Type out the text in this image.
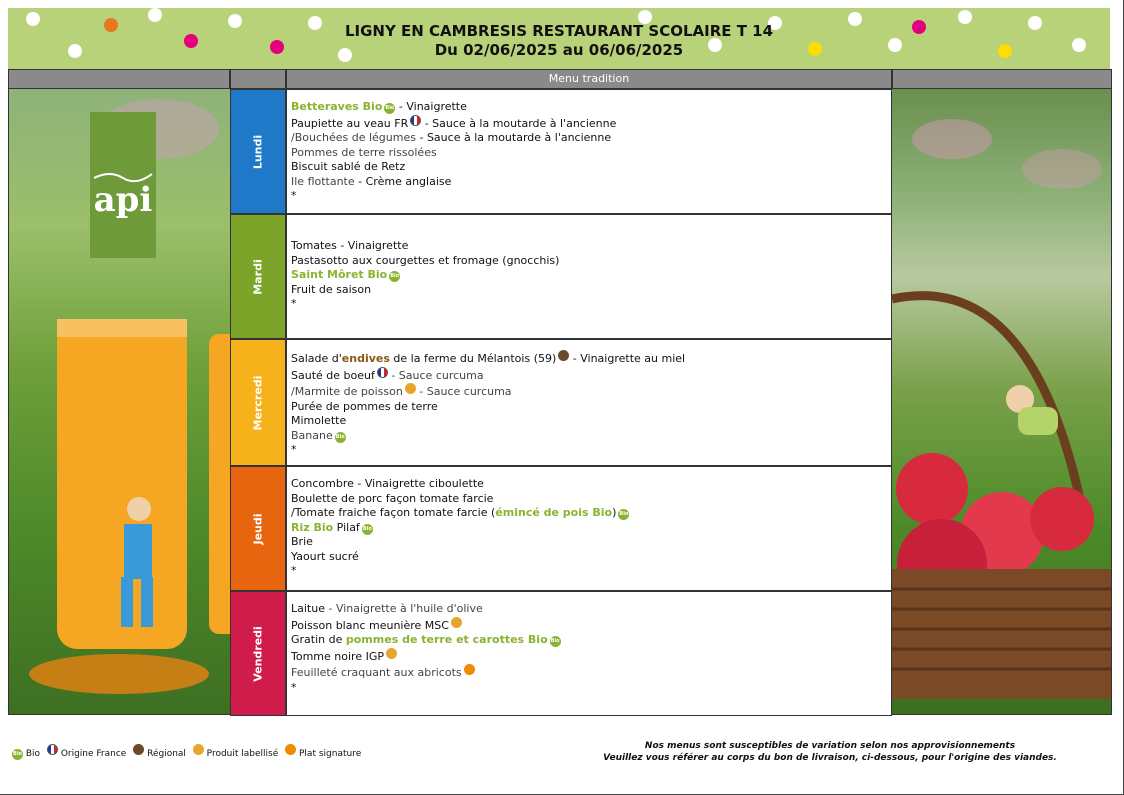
LIGNY EN CAMBRESIS RESTAURANT SCOLAIRE T 14
Du 02/06/2025 au 06/06/2025
Menu tradition
api
Lundi
Mardi
Mercredi
Jeudi
Vendredi
Betteraves Bio Bio - Vinaigrette
Paupiette au veau FR - Sauce à la moutarde à l'ancienne
/Bouchées de légumes - Sauce à la moutarde à l'ancienne
Pommes de terre rissolées
Biscuit sablé de Retz
Ile flottante - Crème anglaise
*
Tomates - Vinaigrette
Pastasotto aux courgettes et fromage (gnocchis)
Saint Môret Bio Bio
Fruit de saison
*
Salade d'endives de la ferme du Mélantois (59) - Vinaigrette au miel
Sauté de boeuf - Sauce curcuma
/Marmite de poisson - Sauce curcuma
Purée de pommes de terre
Mimolette
Banane Bio
*
Concombre - Vinaigrette ciboulette
Boulette de porc façon tomate farcie
/Tomate fraiche façon tomate farcie (émincé de pois Bio) Bio
Riz Bio Pilaf Bio
Brie
Yaourt sucré
*
Laitue - Vinaigrette à l'huile d'olive
Poisson blanc meunière MSC
Gratin de pommes de terre et carottes Bio Bio
Tomme noire IGP
Feuilleté craquant aux abricots
*
Bio Bio Origine France Régional Produit labellisé Plat signature
Nos menus sont susceptibles de variation selon nos approvisionnements
Veuillez vous référer au corps du bon de livraison, ci-dessous, pour l'origine des viandes.
